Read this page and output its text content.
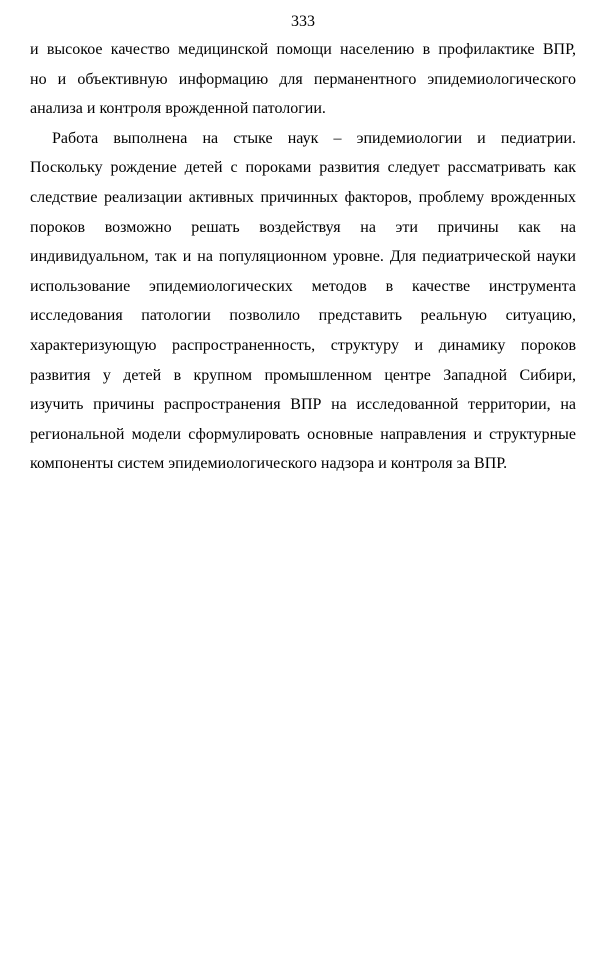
333
и высокое качество медицинской помощи населению в профилактике ВПР,
но и объективную информацию для перманентного эпидемиологического
анализа и контроля врожденной патологии.
Работа выполнена на стыке наук – эпидемиологии и педиатрии.
Поскольку рождение детей с пороками развития следует рассматривать как
следствие реализации активных причинных факторов, проблему врожденных
пороков возможно решать воздействуя на эти причины как на
индивидуальном, так и на популяционном уровне. Для педиатрической науки
использование эпидемиологических методов в качестве инструмента
исследования патологии позволило представить реальную ситуацию,
характеризующую распространенность, структуру и динамику пороков
развития у детей в крупном промышленном центре Западной Сибири,
изучить причины распространения ВПР на исследованной территории, на
региональной модели сформулировать основные направления и структурные
компоненты систем эпидемиологического надзора и контроля за ВПР.
